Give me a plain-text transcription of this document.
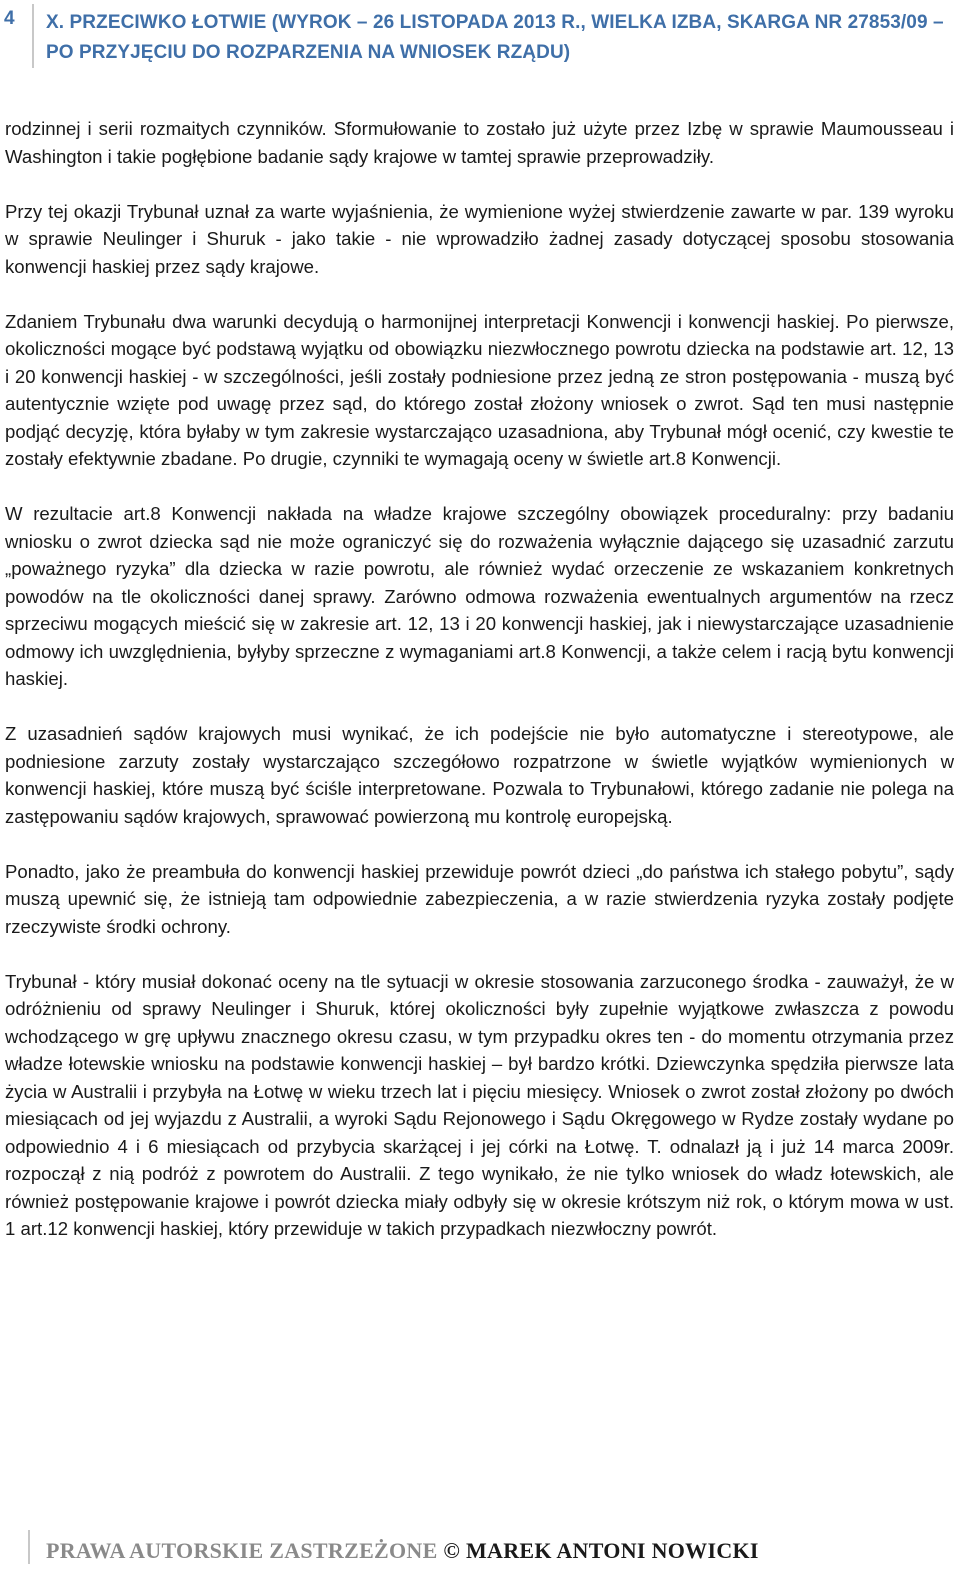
4 X. PRZECIWKO ŁOTWIE (WYROK – 26 LISTOPADA 2013 R., WIELKA IZBA, SKARGA NR 27853/09 – PO PRZYJĘCIU DO ROZPARZENIA NA WNIOSEK RZĄDU)

rodzinnej i serii rozmaitych czynników. Sformułowanie to zostało już użyte przez Izbę w sprawie Maumousseau i Washington i takie pogłębione badanie sądy krajowe w tamtej sprawie przeprowadziły.

Przy tej okazji Trybunał uznał za warte wyjaśnienia, że wymienione wyżej stwierdzenie zawarte w par. 139 wyroku w sprawie Neulinger i Shuruk - jako takie - nie wprowadziło żadnej zasady dotyczącej sposobu stosowania konwencji haskiej przez sądy krajowe.

Zdaniem Trybunału dwa warunki decydują o harmonijnej interpretacji Konwencji i konwencji haskiej. Po pierwsze, okoliczności mogące być podstawą wyjątku od obowiązku niezwłocznego powrotu dziecka na podstawie art. 12, 13 i 20 konwencji haskiej - w szczególności, jeśli zostały podniesione przez jedną ze stron postępowania - muszą być autentycznie wzięte pod uwagę przez sąd, do którego został złożony wniosek o zwrot. Sąd ten musi następnie podjąć decyzję, która byłaby w tym zakresie wystarczająco uzasadniona, aby Trybunał mógł ocenić, czy kwestie te zostały efektywnie zbadane. Po drugie, czynniki te wymagają oceny w świetle art.8 Konwencji.

W rezultacie art.8 Konwencji nakłada na władze krajowe szczególny obowiązek proceduralny: przy badaniu wniosku o zwrot dziecka sąd nie może ograniczyć się do rozważenia wyłącznie dającego się uzasadnić zarzutu „poważnego ryzyka” dla dziecka w razie powrotu, ale również wydać orzeczenie ze wskazaniem konkretnych powodów na tle okoliczności danej sprawy. Zarówno odmowa rozważenia ewentualnych argumentów na rzecz sprzeciwu mogących mieścić się w zakresie art. 12, 13 i 20 konwencji haskiej, jak i niewystarczające uzasadnienie odmowy ich uwzględnienia, byłyby sprzeczne z wymaganiami art.8 Konwencji, a także celem i racją bytu konwencji haskiej.

Z uzasadnień sądów krajowych musi wynikać, że ich podejście nie było automatyczne i stereotypowe, ale podniesione zarzuty zostały wystarczająco szczegółowo rozpatrzone w świetle wyjątków wymienionych w konwencji haskiej, które muszą być ściśle interpretowane. Pozwala to Trybunałowi, którego zadanie nie polega na zastępowaniu sądów krajowych, sprawować powierzoną mu kontrolę europejską.

Ponadto, jako że preambuła do konwencji haskiej przewiduje powrót dzieci „do państwa ich stałego pobytu”, sądy muszą upewnić się, że istnieją tam odpowiednie zabezpieczenia, a w razie stwierdzenia ryzyka zostały podjęte rzeczywiste środki ochrony.

Trybunał - który musiał dokonać oceny na tle sytuacji w okresie stosowania zarzuconego środka - zauważył, że w odróżnieniu od sprawy Neulinger i Shuruk, której okoliczności były zupełnie wyjątkowe zwłaszcza z powodu wchodzącego w grę upływu znacznego okresu czasu, w tym przypadku okres ten - do momentu otrzymania przez władze łotewskie wniosku na podstawie konwencji haskiej – był bardzo krótki. Dziewczynka spędziła pierwsze lata życia w Australii i przybyła na Łotwę w wieku trzech lat i pięciu miesięcy. Wniosek o zwrot został złożony po dwóch miesiącach od jej wyjazdu z Australii, a wyroki Sądu Rejonowego i Sądu Okręgowego w Rydze zostały wydane po odpowiednio 4 i 6 miesiącach od przybycia skarżącej i jej córki na Łotwę. T. odnalazł ją i już 14 marca 2009r. rozpoczął z nią podróż z powrotem do Australii. Z tego wynikało, że nie tylko wniosek do władz łotewskich, ale również postępowanie krajowe i powrót dziecka miały odbyły się w okresie krótszym niż rok, o którym mowa w ust. 1 art.12 konwencji haskiej, który przewiduje w takich przypadkach niezwłoczny powrót.

PRAWA AUTORSKIE ZASTRZEŻONE © MAREK ANTONI NOWICKI
